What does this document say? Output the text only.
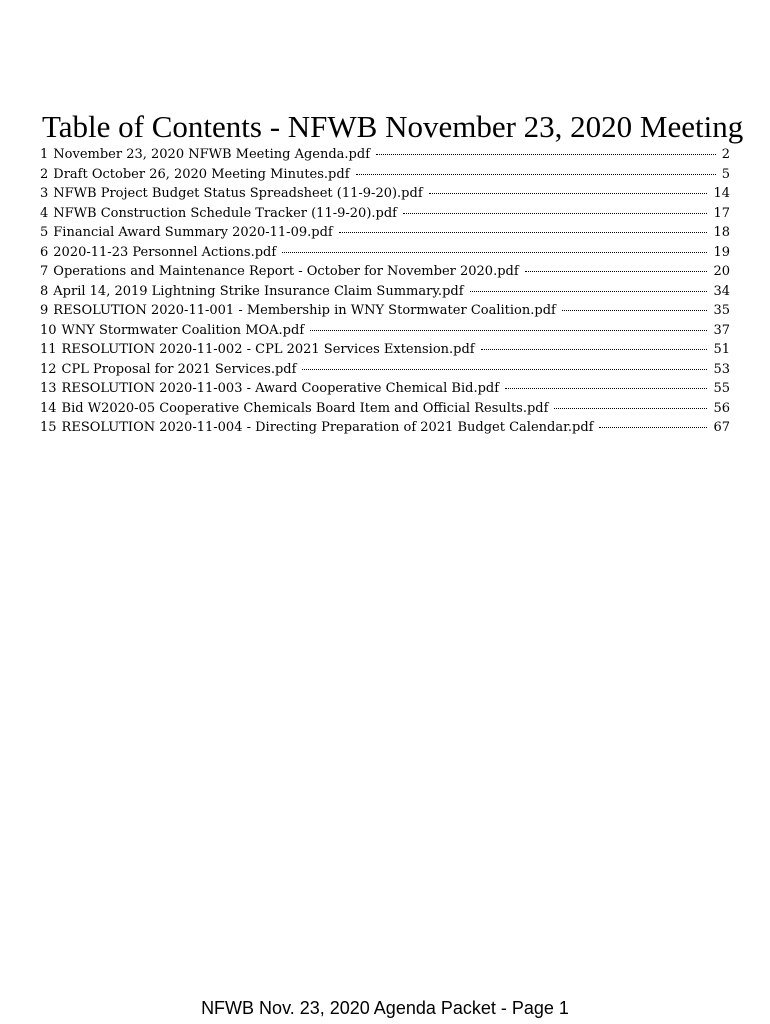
Table of Contents - NFWB November 23, 2020 Meeting
1 November 23, 2020 NFWB Meeting Agenda.pdf	2
2 Draft October 26, 2020 Meeting Minutes.pdf	5
3 NFWB Project Budget Status Spreadsheet (11-9-20).pdf	14
4 NFWB Construction Schedule Tracker (11-9-20).pdf	17
5 Financial Award Summary 2020-11-09.pdf	18
6 2020-11-23 Personnel Actions.pdf	19
7 Operations and Maintenance Report - October for November 2020.pdf	20
8 April 14, 2019 Lightning Strike Insurance Claim Summary.pdf	34
9 RESOLUTION 2020-11-001 - Membership in WNY Stormwater Coalition.pdf	35
10 WNY Stormwater Coalition MOA.pdf	37
11 RESOLUTION 2020-11-002 - CPL 2021 Services Extension.pdf	51
12 CPL Proposal for 2021 Services.pdf	53
13 RESOLUTION 2020-11-003 - Award Cooperative Chemical Bid.pdf	55
14 Bid W2020-05 Cooperative Chemicals Board Item and Official Results.pdf	56
15 RESOLUTION 2020-11-004 - Directing Preparation of 2021 Budget Calendar.pdf	67
NFWB Nov. 23, 2020 Agenda Packet - Page 1
